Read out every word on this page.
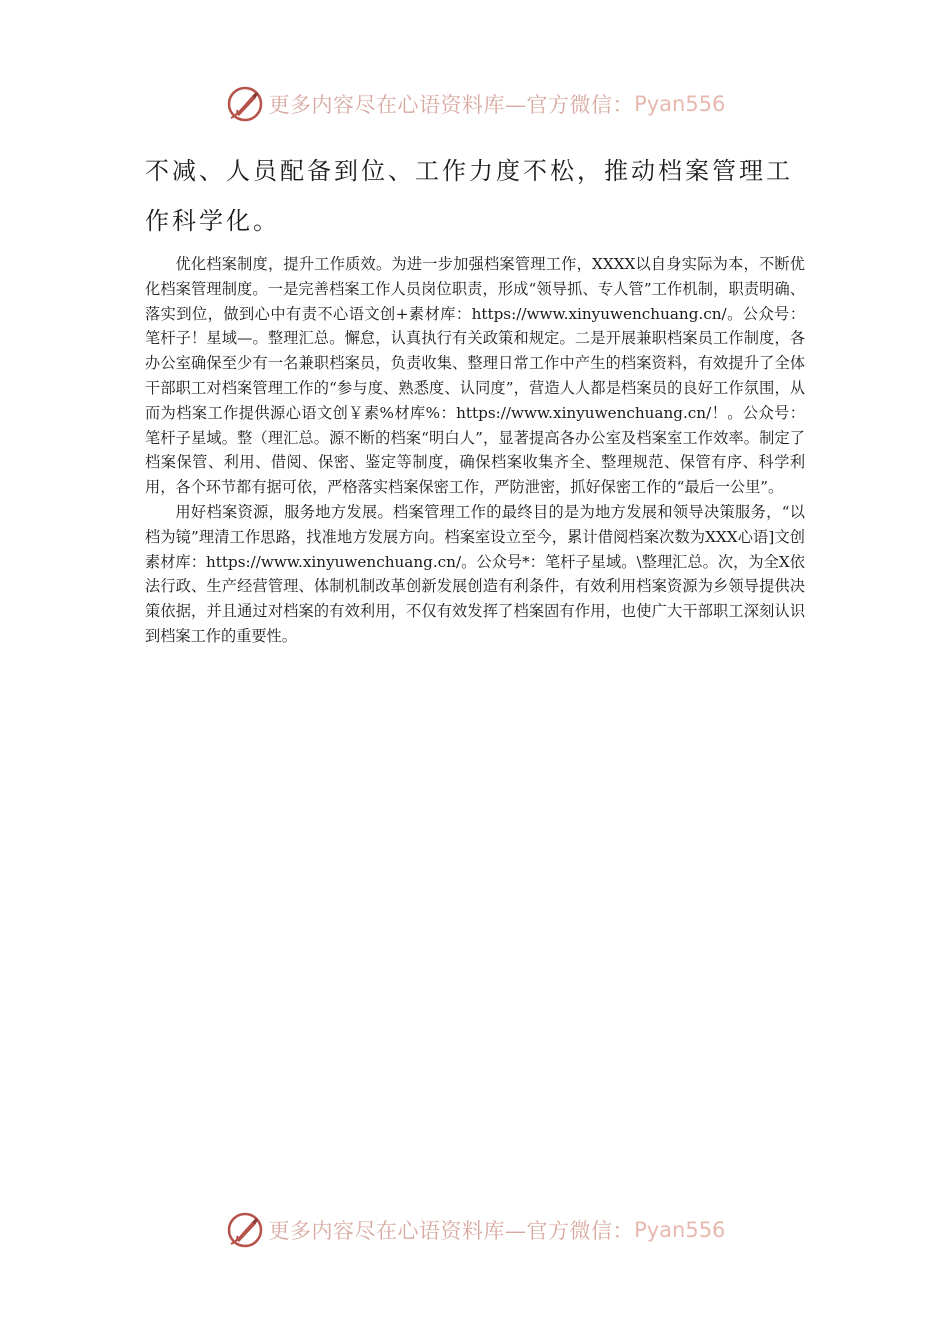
更多内容尽在心语资料库—官方微信： Pyan556

不减、人员配备到位、工作力度不松，推动档案管理工作科学化。

优化档案制度，提升工作质效。为进一步加强档案管理工作，XXXX以自身实际为本，不断优化档案管理制度。一是完善档案工作人员岗位职责，形成“领导抓、专人管”工作机制，职责明确、落实到位，做到心中有责不心语文创+素材库：https://www.xinyuwenchuang.cn/。公众号：笔杆子！星域—。整理汇总。懈怠，认真执行有关政策和规定。二是开展兼职档案员工作制度，各办公室确保至少有一名兼职档案员，负责收集、整理日常工作中产生的档案资料，有效提升了全体干部职工对档案管理工作的“参与度、熟悉度、认同度”，营造人人都是档案员的良好工作氛围，从而为档案工作提供源心语文创￥素%材库%：https://www.xinyuwenchuang.cn/！。公众号：笔杆子星域。整（理汇总。源不断的档案“明白人”，显著提高各办公室及档案室工作效率。制定了档案保管、利用、借阅、保密、鉴定等制度，确保档案收集齐全、整理规范、保管有序、科学利用，各个环节都有据可依，严格落实档案保密工作，严防泄密，抓好保密工作的“最后一公里”。

用好档案资源，服务地方发展。档案管理工作的最终目的是为地方发展和领导决策服务，“以档为镜”理清工作思路，找准地方发展方向。档案室设立至今，累计借阅档案次数为XXX心语]文创素材库：https://www.xinyuwenchuang.cn/。公众号*：笔杆子星域。\整理汇总。次，为全X依法行政、生产经营管理、体制机制改革创新发展创造有利条件，有效利用档案资源为乡领导提供决策依据，并且通过对档案的有效利用，不仅有效发挥了档案固有作用，也使广大干部职工深刻认识到档案工作的重要性。

更多内容尽在心语资料库—官方微信： Pyan556
